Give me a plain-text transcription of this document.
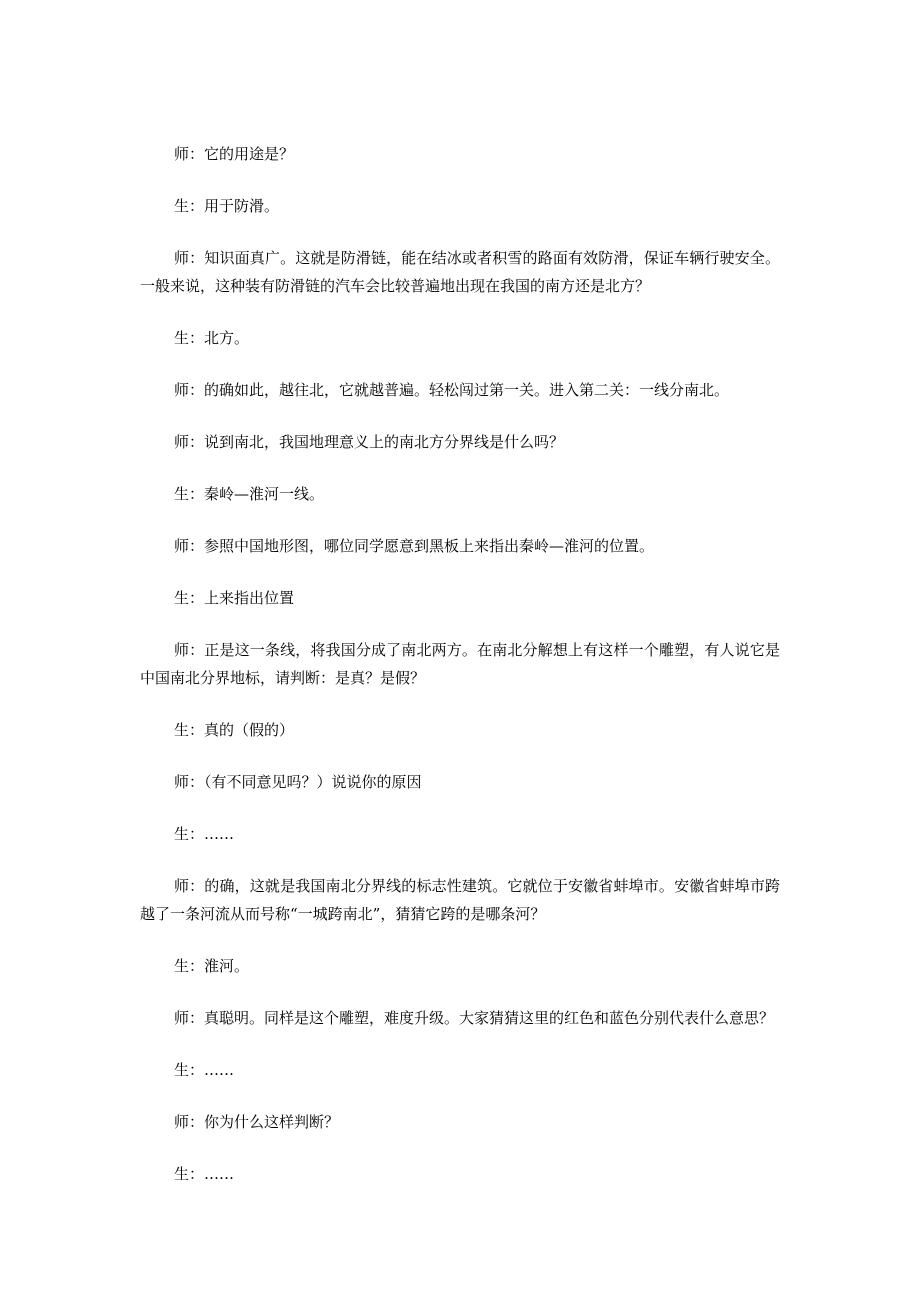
师：它的用途是？

生：用于防滑。

师：知识面真广。这就是防滑链，能在结冰或者积雪的路面有效防滑，保证车辆行驶安全。一般来说，这种装有防滑链的汽车会比较普遍地出现在我国的南方还是北方？

生：北方。

师：的确如此，越往北，它就越普遍。轻松闯过第一关。进入第二关：一线分南北。

师：说到南北，我国地理意义上的南北方分界线是什么吗？

生：秦岭—淮河一线。

师：参照中国地形图，哪位同学愿意到黑板上来指出秦岭—淮河的位置。

生：上来指出位置

师：正是这一条线，将我国分成了南北两方。在南北分解想上有这样一个雕塑，有人说它是中国南北分界地标，请判断：是真？是假？

生：真的（假的）

师：（有不同意见吗？）说说你的原因

生：……

师：的确，这就是我国南北分界线的标志性建筑。它就位于安徽省蚌埠市。安徽省蚌埠市跨越了一条河流从而号称“一城跨南北”，猜猜它跨的是哪条河？

生：淮河。

师：真聪明。同样是这个雕塑，难度升级。大家猜猜这里的红色和蓝色分别代表什么意思？

生：……

师：你为什么这样判断？

生：……
